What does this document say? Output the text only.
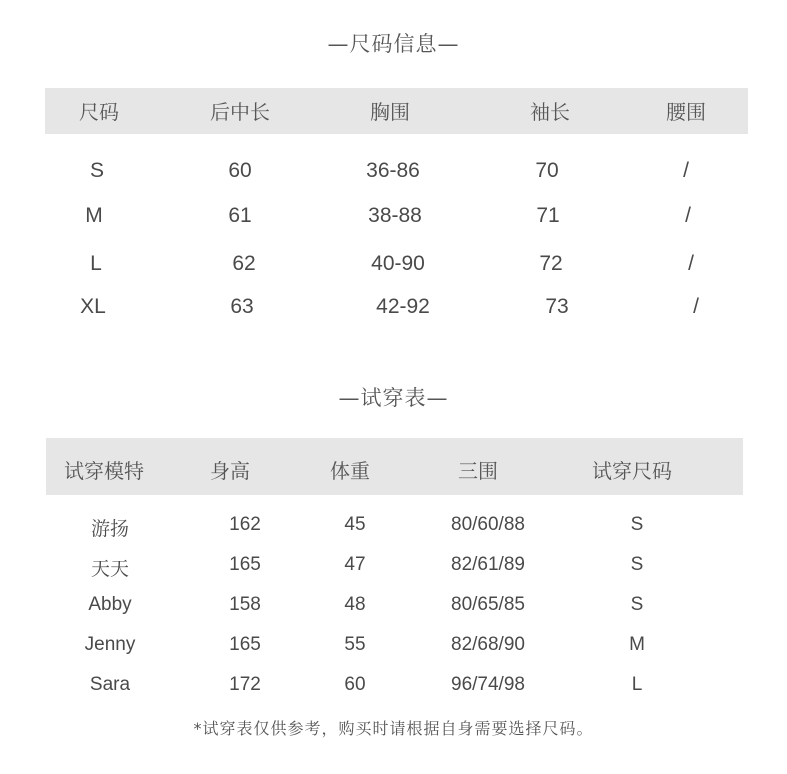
—尺码信息—
尺码	后中长	胸围	袖长	腰围
S	60	36-86	70	/
M	61	38-88	71	/
L	62	40-90	72	/
XL	63	42-92	73	/
—试穿表—
试穿模特	身高	体重	三围	试穿尺码
游扬	162	45	80/60/88	S
天天	165	47	82/61/89	S
Abby	158	48	80/65/85	S
Jenny	165	55	82/68/90	M
Sara	172	60	96/74/98	L
*试穿表仅供参考，购买时请根据自身需要选择尺码。
